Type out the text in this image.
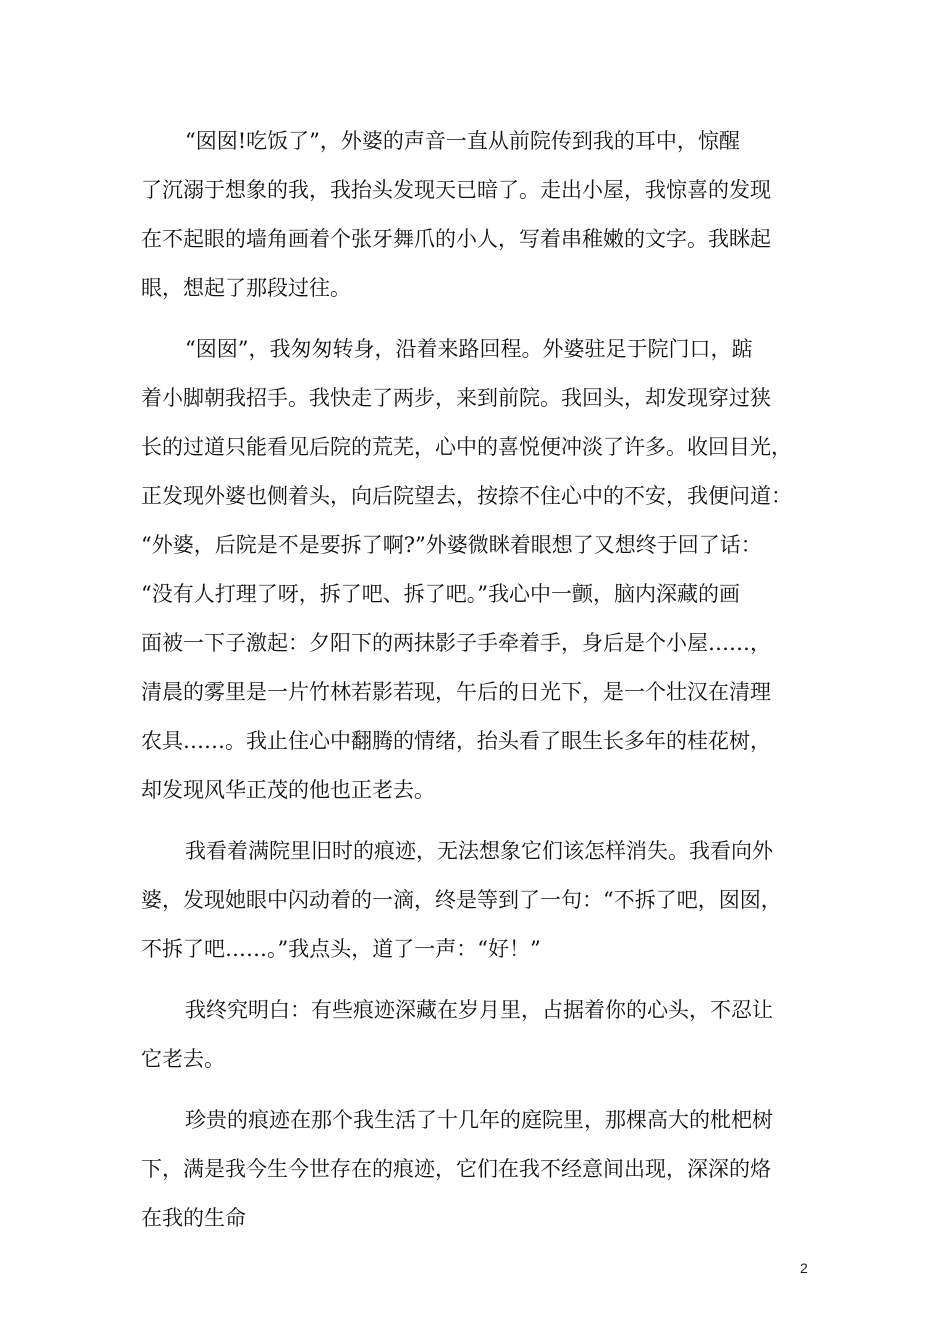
“囡囡!吃饭了”，外婆的声音一直从前院传到我的耳中，惊醒
了沉溺于想象的我，我抬头发现天已暗了。走出小屋，我惊喜的发现
在不起眼的墙角画着个张牙舞爪的小人，写着串稚嫩的文字。我眯起
眼，想起了那段过往。
“囡囡”，我匆匆转身，沿着来路回程。外婆驻足于院门口，踮
着小脚朝我招手。我快走了两步，来到前院。我回头，却发现穿过狭
长的过道只能看见后院的荒芜，心中的喜悦便冲淡了许多。收回目光，
正发现外婆也侧着头，向后院望去，按捺不住心中的不安，我便问道：
“外婆，后院是不是要拆了啊?”外婆微眯着眼想了又想终于回了话：
“没有人打理了呀，拆了吧、拆了吧。”我心中一颤，脑内深藏的画
面被一下子激起：夕阳下的两抹影子手牵着手，身后是个小屋……，
清晨的雾里是一片竹林若影若现，午后的日光下，是一个壮汉在清理
农具……。我止住心中翻腾的情绪，抬头看了眼生长多年的桂花树，
却发现风华正茂的他也正老去。
我看着满院里旧时的痕迹，无法想象它们该怎样消失。我看向外
婆，发现她眼中闪动着的一滴，终是等到了一句：“不拆了吧，囡囡，
不拆了吧……。”我点头，道了一声：“好！”
我终究明白：有些痕迹深藏在岁月里，占据着你的心头，不忍让
它老去。
珍贵的痕迹在那个我生活了十几年的庭院里，那棵高大的枇杷树
下，满是我今生今世存在的痕迹，它们在我不经意间出现，深深的烙
在我的生命
2
